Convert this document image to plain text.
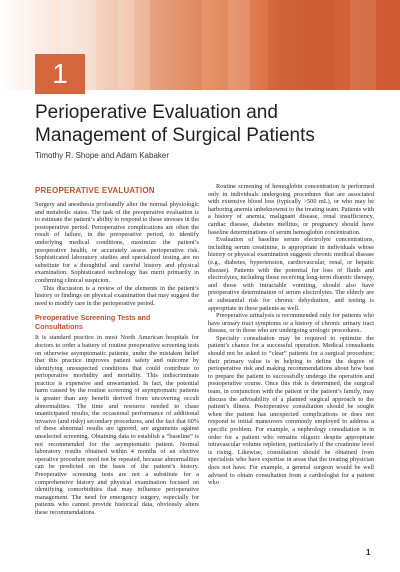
1
Perioperative Evaluation and Management of Surgical Patients
Timothy R. Shope and Adam Kabaker
PREOPERATIVE EVALUATION

Surgery and anesthesia profoundly alter the normal physiologic and metabolic states. The task of the preoperative evaluation is to estimate the patient’s ability to respond to these stresses in the postoperative period. Perioperative complications are often the result of failure, in the preoperative period, to identify underlying medical conditions, maximize the patient’s preoperative health, or accurately assess perioperative risk. Sophisticated laboratory studies and specialized testing are no substitute for a thoughtful and careful history and physical examination. Sophisticated technology has merit primarily in confirming clinical suspicion.

This discussion is a review of the elements in the patient’s history or findings on physical examination that may suggest the need to modify care in the perioperative period.

Preoperative Screening Tests and Consultations

It is standard practice in most North American hospitals for doctors to order a battery of routine preoperative screening tests on otherwise asymptomatic patients, under the mistaken belief that this practice improves patient safety and outcome by identifying unsuspected conditions that could contribute to perioperative morbidity and mortality. This indiscriminate practice is expensive and unwarranted. In fact, the potential harm caused by the routine screening of asymptomatic patients is greater than any benefit derived from uncovering occult abnormalities. The time and resource needed to chase unanticipated results, the occasional performance of additional invasive (and risky) secondary procedures, and the fact that 60% of these abnormal results are ignored, are arguments against unselected screening. Obtaining data to establish a “baseline” is not recommended for the asymptomatic patient. Normal laboratory results obtained within 4 months of an elective operative procedure need not be repeated, because abnormalities can be predicted on the basis of the patient’s history. Preoperative screening tests are not a substitute for a comprehensive history and physical examination focused on identifying comorbidities that may influence perioperative management. The need for emergency surgery, especially for patients who cannot provide historical data, obviously alters these recommendations.

Routine screening of hemoglobin concentration is performed only in individuals undergoing procedures that are associated with extensive blood loss (typically >500 mL), or who may be harboring anemia unbeknownst to the treating team. Patients with a history of anemia, malignant disease, renal insufficiency, cardiac disease, diabetes mellitus, or pregnancy should have baseline determinations of serum hemoglobin concentration.

Evaluation of baseline serum electrolyte concentrations, including serum creatinine, is appropriate in individuals whose history or physical examination suggests chronic medical disease (e.g., diabetes, hypertension, cardiovascular, renal, or hepatic disease). Patients with the potential for loss of fluids and electrolytes, including those receiving long-term diuretic therapy, and those with intractable vomiting, should also have preoperative determination of serum electrolytes. The elderly are at substantial risk for chronic dehydration, and testing is appropriate in these patients as well.

Preoperative urinalysis is recommended only for patients who have urinary tract symptoms or a history of chronic urinary tract disease, or in those who are undergoing urologic procedures.

Specialty consultation may be required to optimize the patient’s chance for a successful operation. Medical consultants should not be asked to “clear” patients for a surgical procedure; their primary value is in helping to define the degree of perioperative risk and making recommendations about how best to prepare the patient to successfully undergo the operation and postoperative course. Once this risk is determined, the surgical team, in conjunction with the patient or the patient’s family, may discuss the advisability of a planned surgical approach to the patient’s illness. Postoperative consultation should be sought when the patient has unexpected complications or does not respond to initial maneuvers commonly employed to address a specific problem. For example, a nephrology consultation is in order for a patient who remains oliguric despite appropriate intravascular volume repletion, particularly if the creatinine level is rising. Likewise, consultation should be obtained from specialists who have expertise in areas that the treating physician does not have. For example, a general surgeon would be well advised to obtain consultation from a cardiologist for a patient who

1
